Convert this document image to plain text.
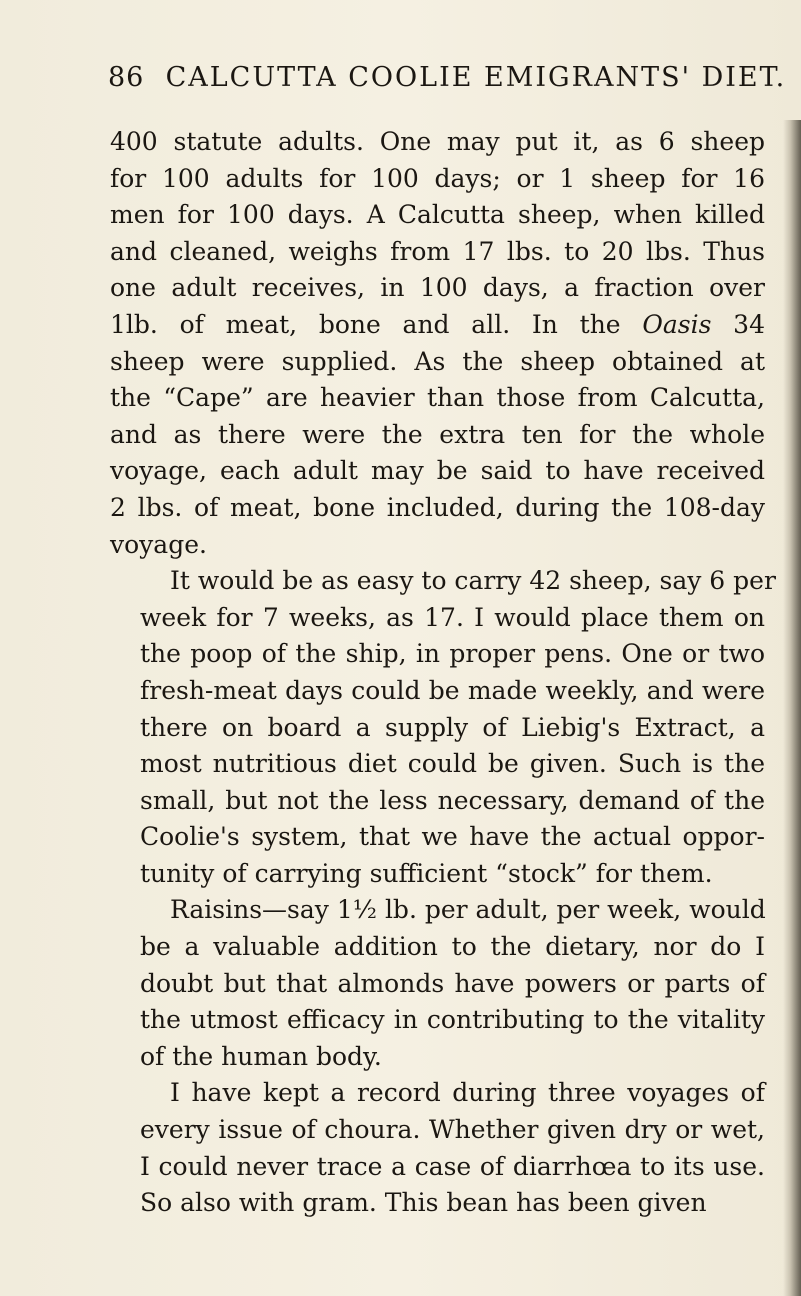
86 CALCUTTA COOLIE EMIGRANTS' DIET.

400 statute adults. One may put it, as 6 sheep
for 100 adults for 100 days; or 1 sheep for 16
men for 100 days. A Calcutta sheep, when killed
and cleaned, weighs from 17 lbs. to 20 lbs. Thus
one adult receives, in 100 days, a fraction over
1lb. of meat, bone and all. In the Oasis 34
sheep were supplied. As the sheep obtained at
the “Cape” are heavier than those from Calcutta,
and as there were the extra ten for the whole
voyage, each adult may be said to have received
2 lbs. of meat, bone included, during the 108-day
voyage.

It would be as easy to carry 42 sheep, say 6 per
week for 7 weeks, as 17. I would place them on
the poop of the ship, in proper pens. One or two
fresh-meat days could be made weekly, and were
there on board a supply of Liebig's Extract, a
most nutritious diet could be given. Such is the
small, but not the less necessary, demand of the
Coolie's system, that we have the actual oppor-
tunity of carrying sufficient “stock” for them.

Raisins—say 1½ lb. per adult, per week, would
be a valuable addition to the dietary, nor do I
doubt but that almonds have powers or parts of
the utmost efficacy in contributing to the vitality
of the human body.

I have kept a record during three voyages of
every issue of choura. Whether given dry or wet,
I could never trace a case of diarrhœa to its use.
So also with gram. This bean has been given
